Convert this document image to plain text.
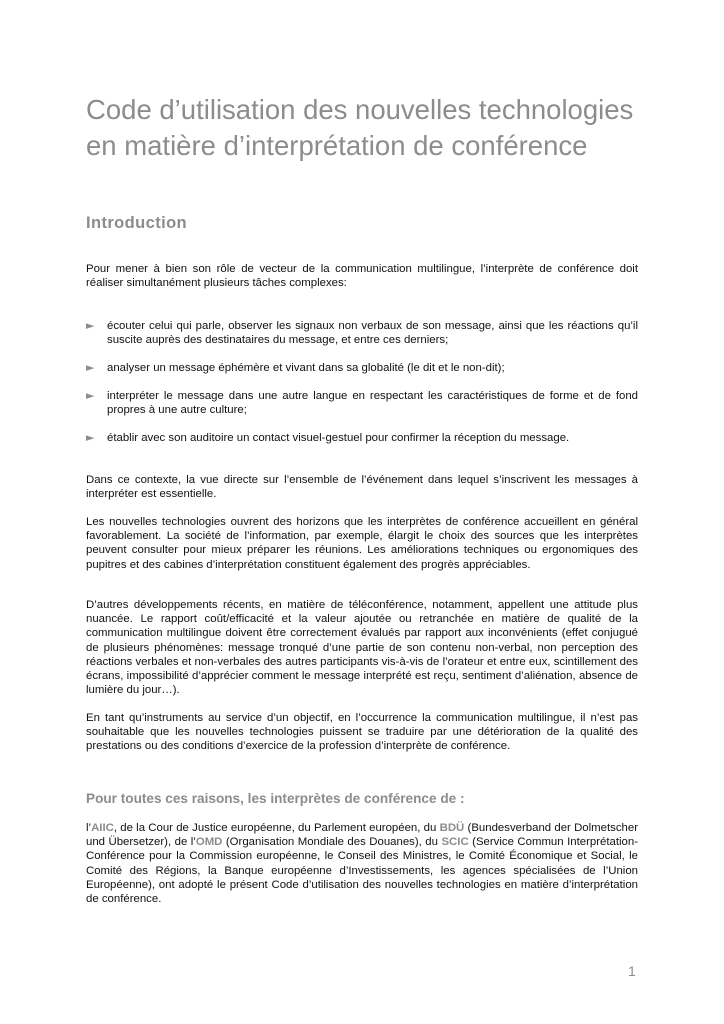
Code d’utilisation des nouvelles technologies en matière d’interprétation de conférence
Introduction

Pour mener à bien son rôle de vecteur de la communication multilingue, l’interprète de conférence doit réaliser simultanément plusieurs tâches complexes:

► écouter celui qui parle, observer les signaux non verbaux de son message, ainsi que les réactions qu’il suscite auprès des destinataires du message, et entre ces derniers;

► analyser un message éphémère et vivant dans sa globalité (le dit et le non-dit);

► interpréter le message dans une autre langue en respectant les caractéristiques de forme et de fond propres à une autre culture;

► établir avec son auditoire un contact visuel-gestuel pour confirmer la réception du message.

Dans ce contexte, la vue directe sur l’ensemble de l’événement dans lequel s’inscrivent les messages à interpréter est essentielle.

Les nouvelles technologies ouvrent des horizons que les interprètes de conférence accueillent en général favorablement. La société de l’information, par exemple, élargit le choix des sources que les interprètes peuvent consulter pour mieux préparer les réunions. Les améliorations techniques ou ergonomiques des pupitres et des cabines d’interprétation constituent également des progrès appréciables.

D’autres développements récents, en matière de téléconférence, notamment, appellent une attitude plus nuancée. Le rapport coût/efficacité et la valeur ajoutée ou retranchée en matière de qualité de la communication multilingue doivent être correctement évalués par rapport aux inconvénients (effet conjugué de plusieurs phénomènes: message tronqué d’une partie de son contenu non-verbal, non perception des réactions verbales et non-verbales des autres participants vis-à-vis de l’orateur et entre eux, scintillement des écrans, impossibilité d’apprécier comment le message interprété est reçu, sentiment d’aliénation, absence de lumière du jour…).

En tant qu’instruments au service d’un objectif, en l’occurrence la communication multilingue, il n’est pas souhaitable que les nouvelles technologies puissent se traduire par une détérioration de la qualité des prestations ou des conditions d’exercice de la profession d’interprète de conférence.

Pour toutes ces raisons, les interprètes de conférence de :

l’AIIC, de la Cour de Justice européenne, du Parlement européen, du BDÜ (Bundesverband der Dolmetscher und Übersetzer), de l’OMD (Organisation Mondiale des Douanes), du SCIC (Service Commun Interprétation-Conférence pour la Commission européenne, le Conseil des Ministres, le Comité Économique et Social, le Comité des Régions, la Banque européenne d’Investissements, les agences spécialisées de l’Union Européenne), ont adopté le présent Code d’utilisation des nouvelles technologies en matière d’interprétation de conférence.

1
